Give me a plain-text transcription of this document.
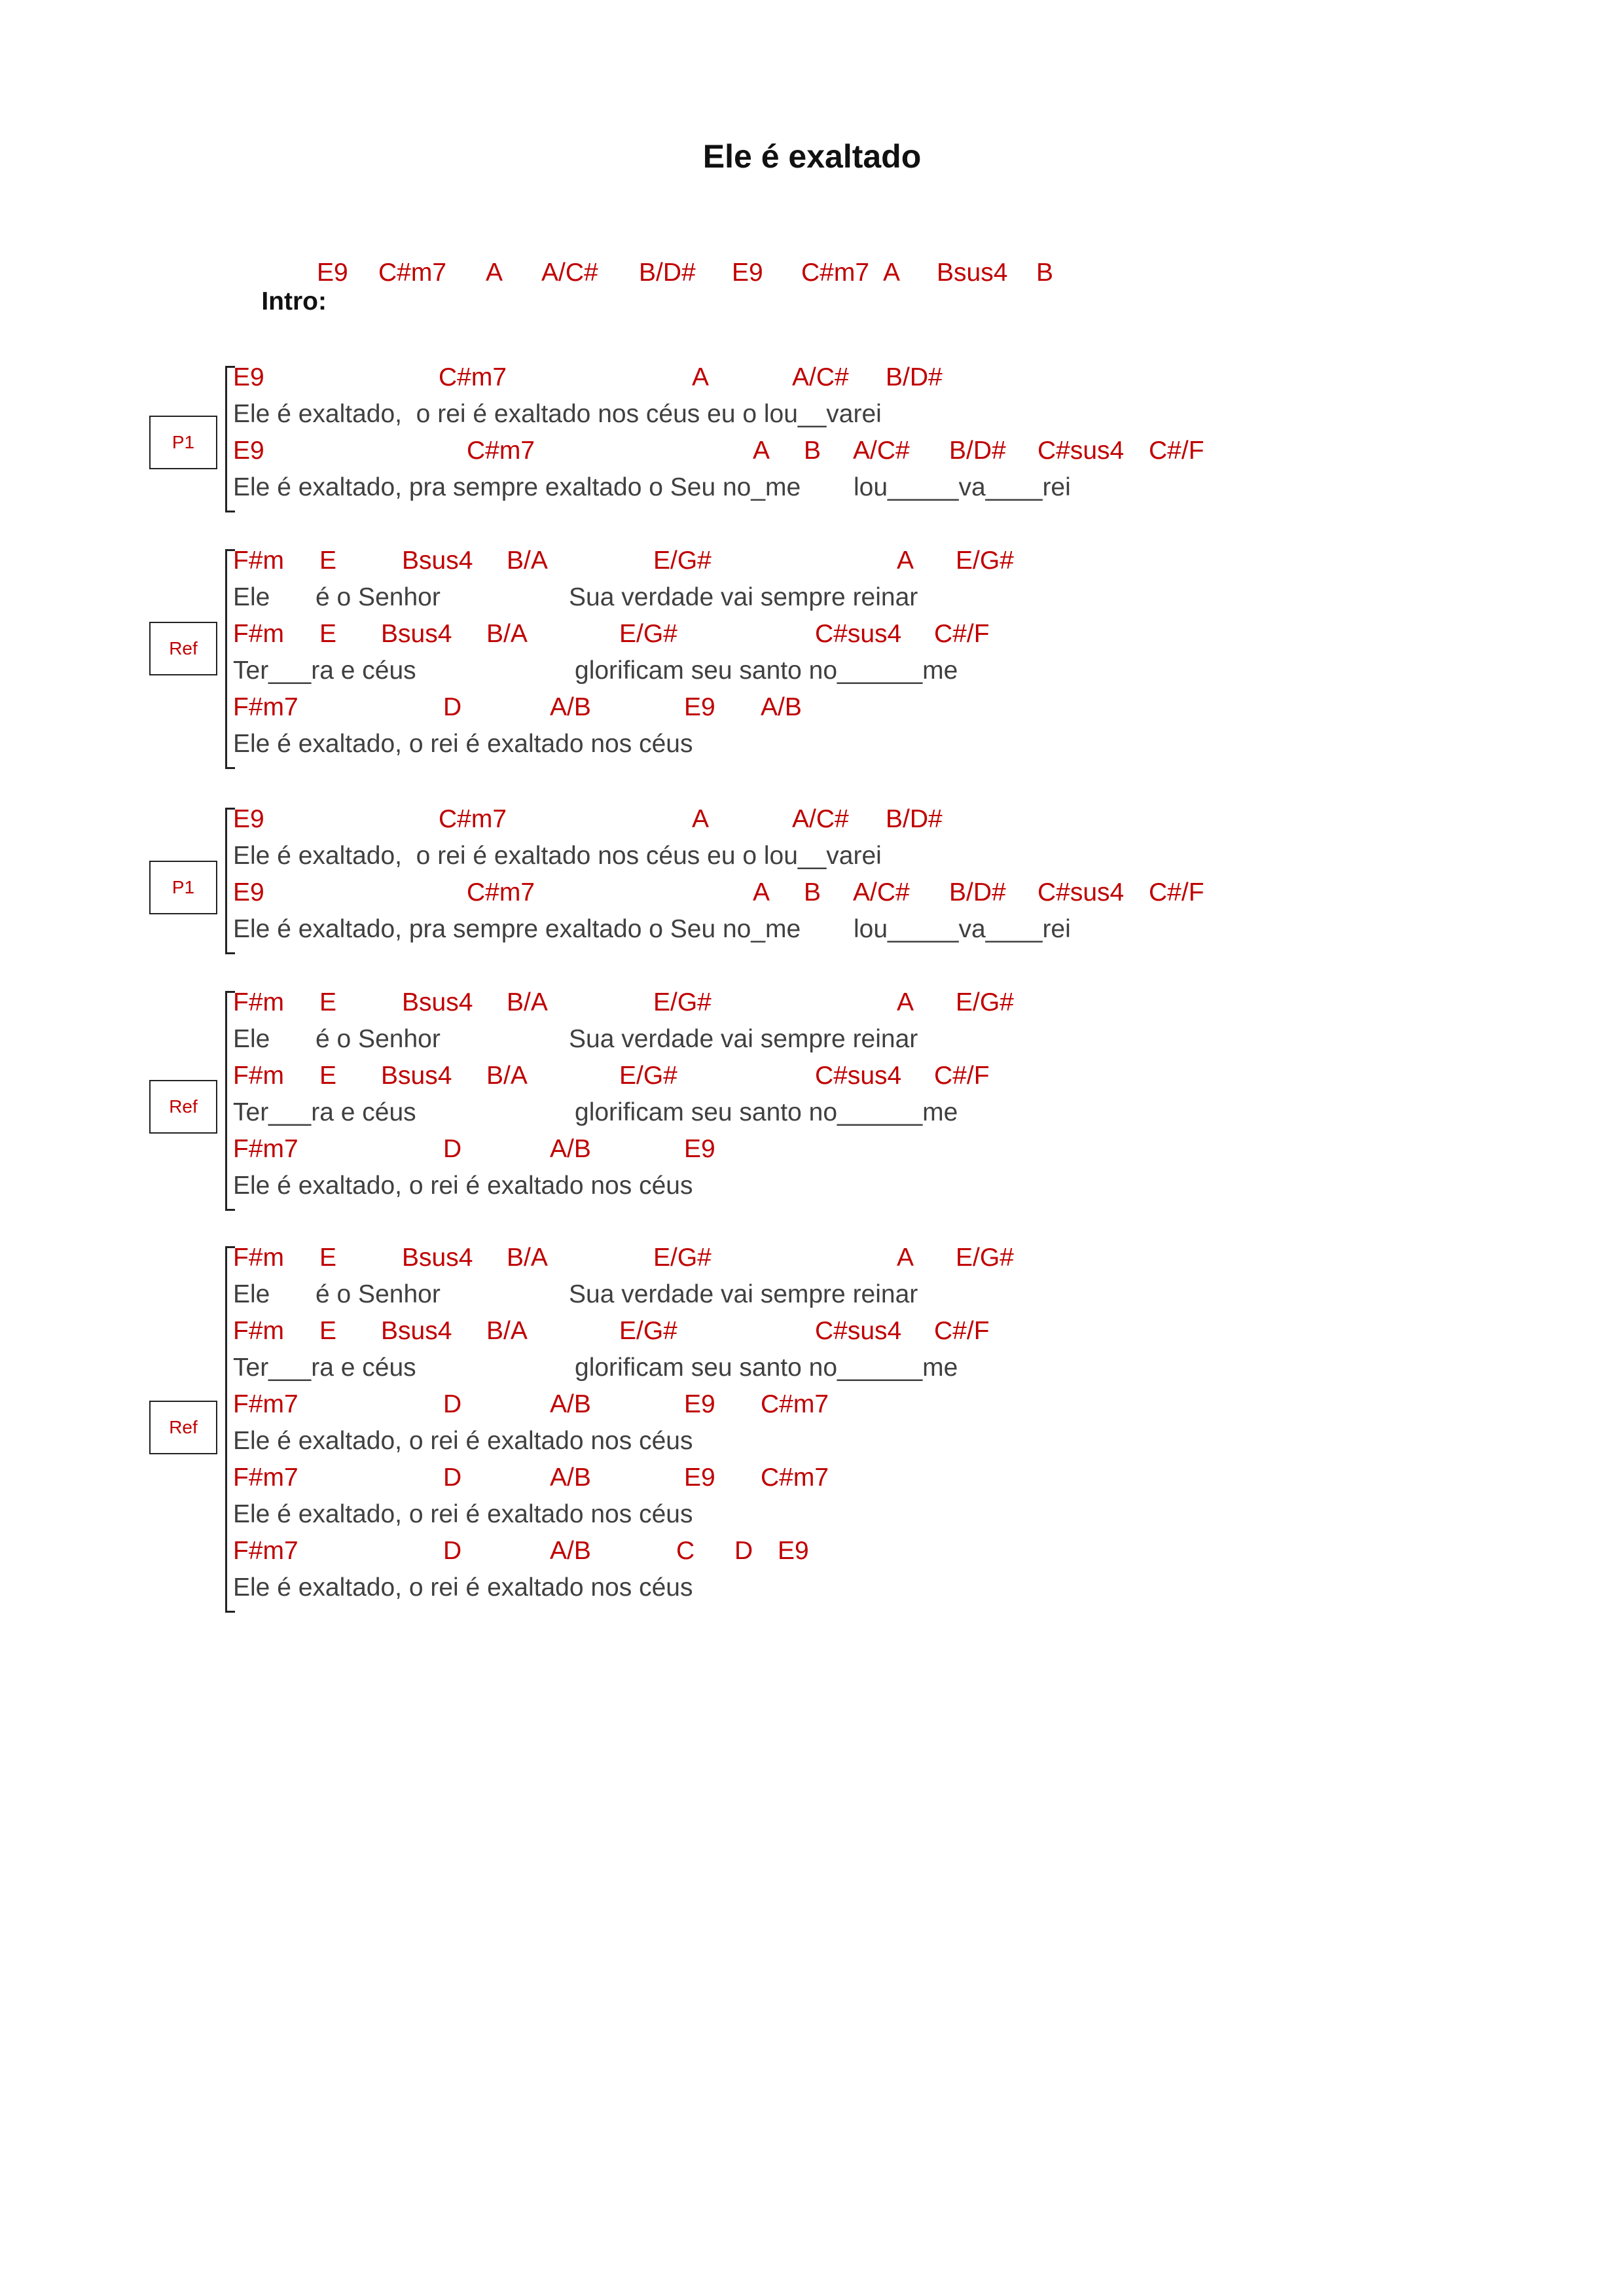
Ele é exaltado

Intro:

E9 C#m7 A A/C# B/D# E9 C#m7 A Bsus4 B

P1
E9	C#m7	A	A/C# B/D#
Ele é exaltado,  o rei é exaltado nos céus eu o lou__varei
E9	C#m7	A B A/C# B/D# C#sus4 C#/F
Ele é exaltado, pra sempre exaltado o Seu no_me lou_____va____rei
Ref
F#m E	Bsus4 B/A	E/G#	A E/G#
Ele é o Senhor	Sua verdade vai sempre reinar
F#m E Bsus4 B/A	E/G#	C#sus4 C#/F
Ter___ra e céus	glorificam seu santo no______me
F#m7	D	A/B	E9 A/B
Ele é exaltado, o rei é exaltado nos céus
P1
E9	C#m7	A	A/C# B/D#
Ele é exaltado,  o rei é exaltado nos céus eu o lou__varei
E9	C#m7	A B A/C# B/D# C#sus4 C#/F
Ele é exaltado, pra sempre exaltado o Seu no_me lou_____va____rei
Ref
F#m E	Bsus4 B/A	E/G#	A E/G#
Ele é o Senhor	Sua verdade vai sempre reinar
F#m E Bsus4 B/A	E/G#	C#sus4 C#/F
Ter___ra e céus	glorificam seu santo no______me
F#m7	D	A/B	E9
Ele é exaltado, o rei é exaltado nos céus
Ref
F#m E	Bsus4 B/A	E/G#	A E/G#
Ele é o Senhor	Sua verdade vai sempre reinar
F#m E Bsus4 B/A	E/G#	C#sus4 C#/F
Ter___ra e céus	glorificam seu santo no______me
F#m7	D	A/B	E9 C#m7
Ele é exaltado, o rei é exaltado nos céus
F#m7	D	A/B	E9 C#m7
Ele é exaltado, o rei é exaltado nos céus
F#m7	D	A/B	C D E9
Ele é exaltado, o rei é exaltado nos céus
